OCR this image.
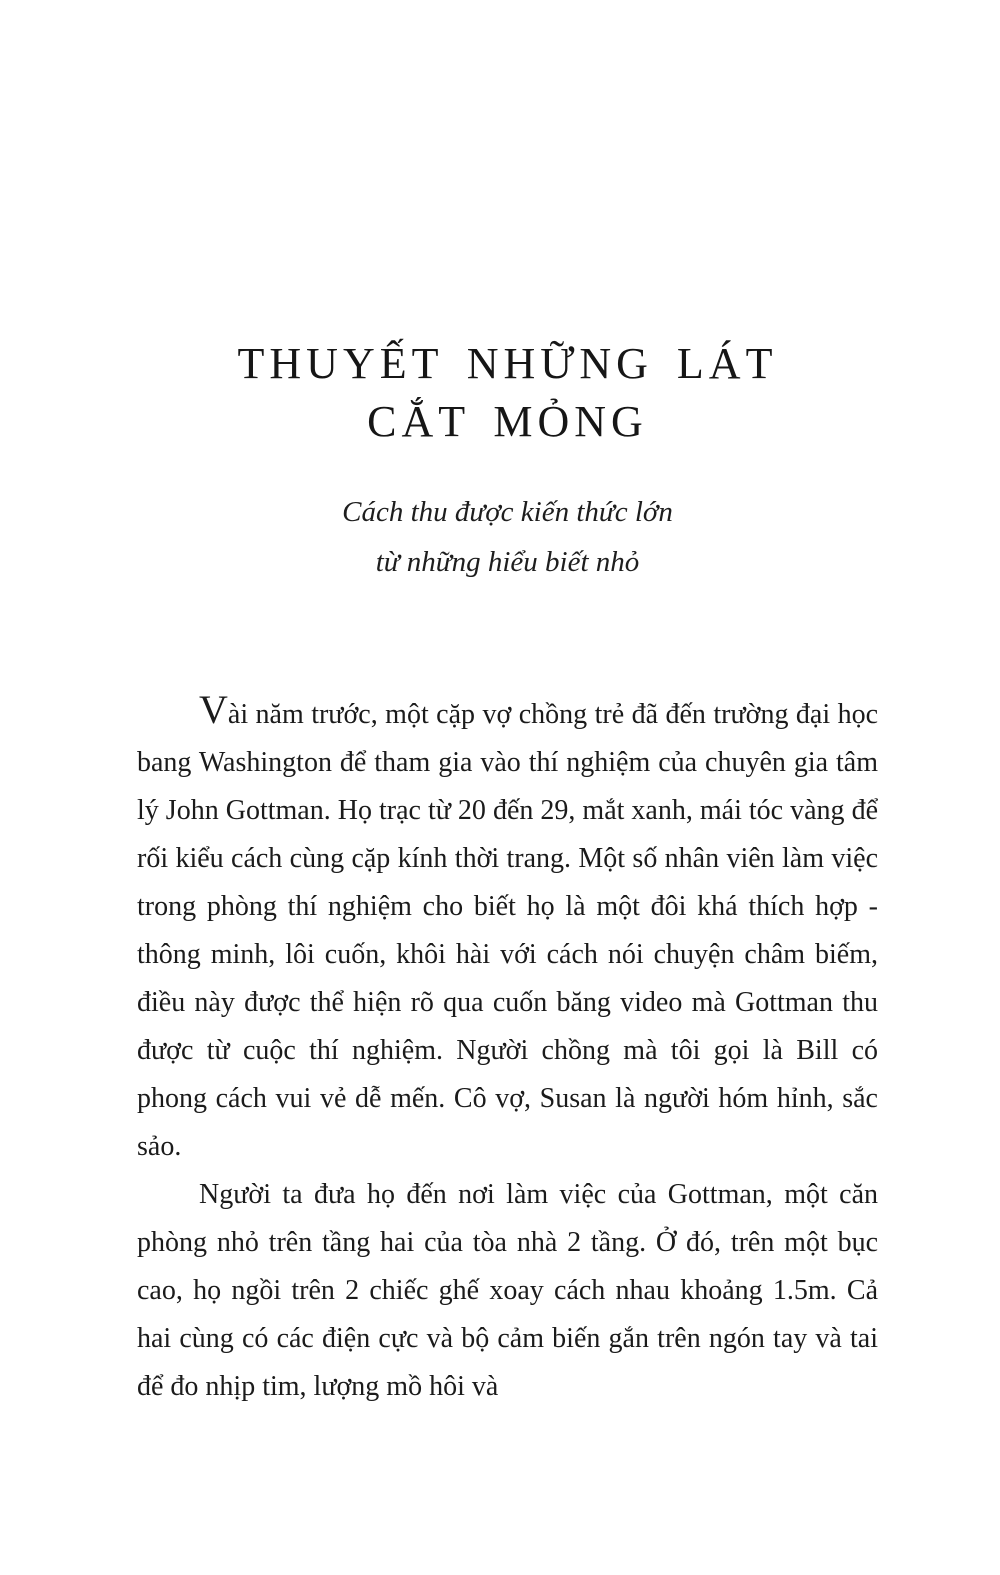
THUYẾT NHỮNG LÁT
CẮT MỎNG
Cách thu được kiến thức lớn
từ những hiểu biết nhỏ

Vài năm trước, một cặp vợ chồng trẻ đã đến trường đại học bang Washington để tham gia vào thí nghiệm của chuyên gia tâm lý John Gottman. Họ trạc từ 20 đến 29, mắt xanh, mái tóc vàng để rối kiểu cách cùng cặp kính thời trang. Một số nhân viên làm việc trong phòng thí nghiệm cho biết họ là một đôi khá thích hợp - thông minh, lôi cuốn, khôi hài với cách nói chuyện châm biếm, điều này được thể hiện rõ qua cuốn băng video mà Gottman thu được từ cuộc thí nghiệm. Người chồng mà tôi gọi là Bill có phong cách vui vẻ dễ mến. Cô vợ, Susan là người hóm hỉnh, sắc sảo.

Người ta đưa họ đến nơi làm việc của Gottman, một căn phòng nhỏ trên tầng hai của tòa nhà 2 tầng. Ở đó, trên một bục cao, họ ngồi trên 2 chiếc ghế xoay cách nhau khoảng 1.5m. Cả hai cùng có các điện cực và bộ cảm biến gắn trên ngón tay và tai để đo nhịp tim, lượng mồ hôi và
